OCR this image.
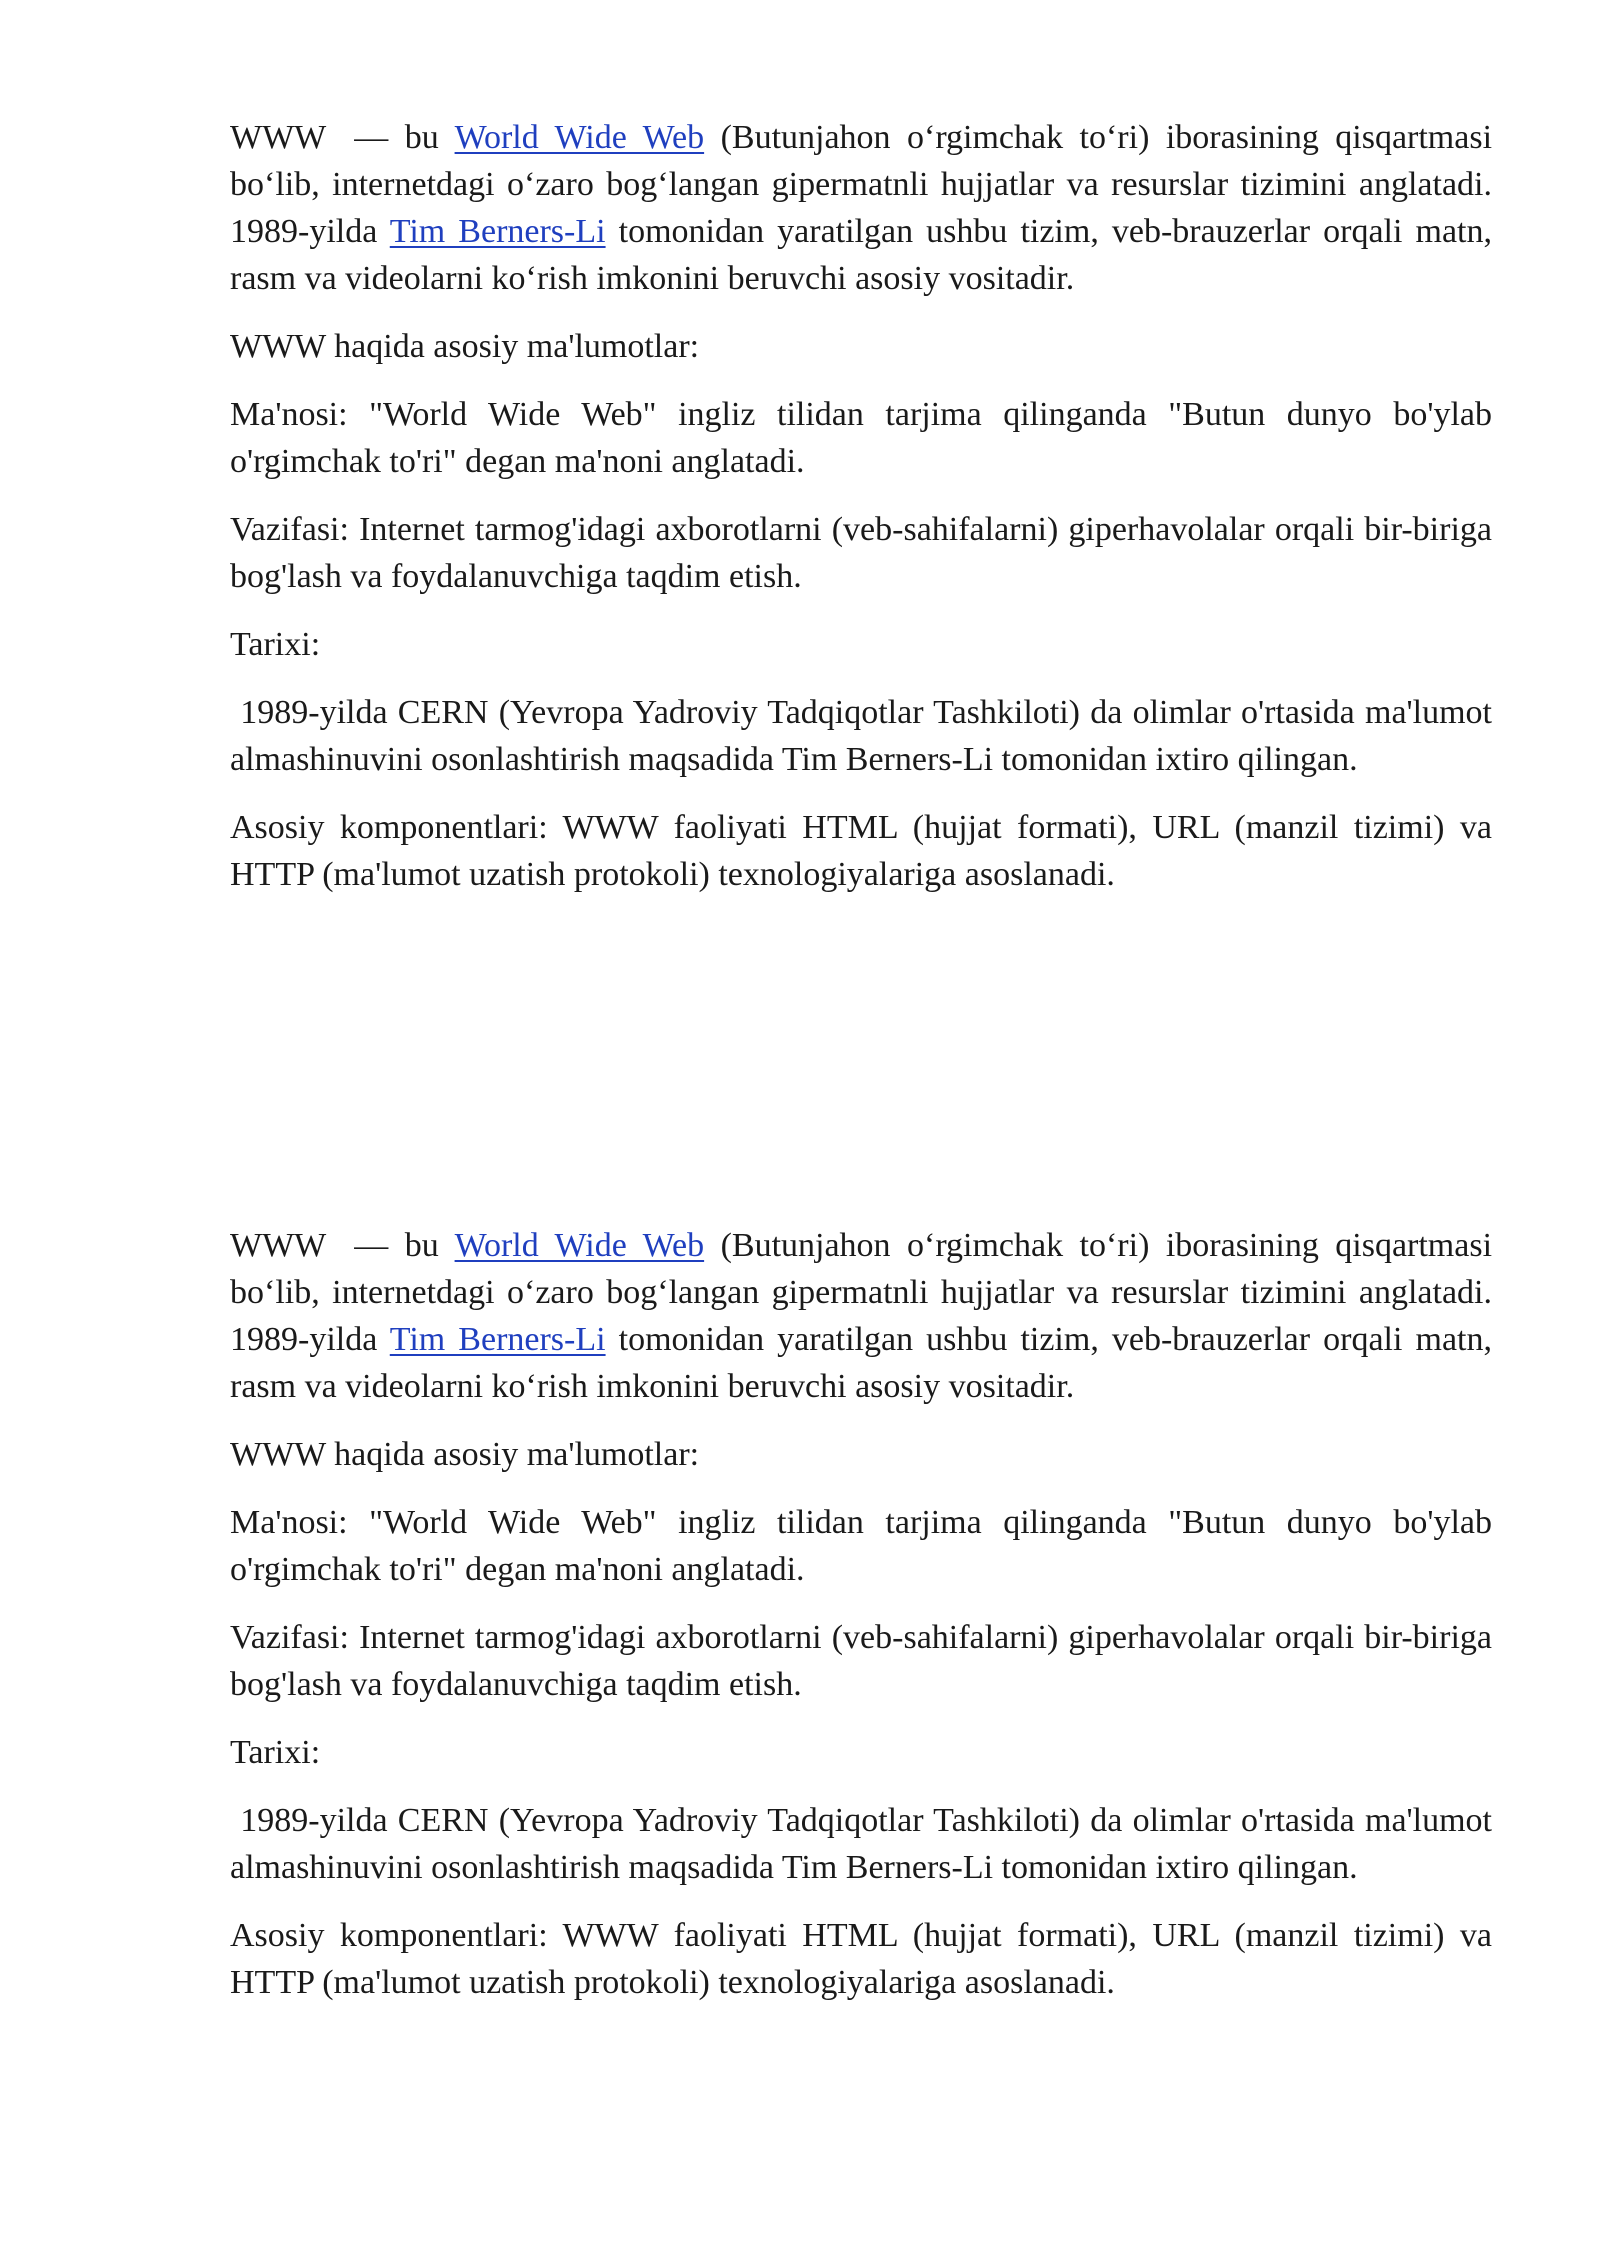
WWW — bu World Wide Web (Butunjahon o‘rgimchak to‘ri) iborasining qisqartmasi bo‘lib, internetdagi o‘zaro bog‘langan gipermatnli hujjatlar va resurslar tizimini anglatadi. 1989-yilda Tim Berners-Li tomonidan yaratilgan ushbu tizim, veb-brauzerlar orqali matn, rasm va videolarni ko‘rish imkonini beruvchi asosiy vositadir.

WWW haqida asosiy ma'lumotlar:

Ma'nosi: "World Wide Web" ingliz tilidan tarjima qilinganda "Butun dunyo bo'ylab o'rgimchak to'ri" degan ma'noni anglatadi.

Vazifasi: Internet tarmog'idagi axborotlarni (veb-sahifalarni) giperhavolalar orqali bir-biriga bog'lash va foydalanuvchiga taqdim etish.

Tarixi:

1989-yilda CERN (Yevropa Yadroviy Tadqiqotlar Tashkiloti) da olimlar o'rtasida ma'lumot almashinuvini osonlashtirish maqsadida Tim Berners-Li tomonidan ixtiro qilingan.

Asosiy komponentlari: WWW faoliyati HTML (hujjat formati), URL (manzil tizimi) va HTTP (ma'lumot uzatish protokoli) texnologiyalariga asoslanadi.

WWW — bu World Wide Web (Butunjahon o‘rgimchak to‘ri) iborasining qisqartmasi bo‘lib, internetdagi o‘zaro bog‘langan gipermatnli hujjatlar va resurslar tizimini anglatadi. 1989-yilda Tim Berners-Li tomonidan yaratilgan ushbu tizim, veb-brauzerlar orqali matn, rasm va videolarni ko‘rish imkonini beruvchi asosiy vositadir.

WWW haqida asosiy ma'lumotlar:

Ma'nosi: "World Wide Web" ingliz tilidan tarjima qilinganda "Butun dunyo bo'ylab o'rgimchak to'ri" degan ma'noni anglatadi.

Vazifasi: Internet tarmog'idagi axborotlarni (veb-sahifalarni) giperhavolalar orqali bir-biriga bog'lash va foydalanuvchiga taqdim etish.

Tarixi:

1989-yilda CERN (Yevropa Yadroviy Tadqiqotlar Tashkiloti) da olimlar o'rtasida ma'lumot almashinuvini osonlashtirish maqsadida Tim Berners-Li tomonidan ixtiro qilingan.

Asosiy komponentlari: WWW faoliyati HTML (hujjat formati), URL (manzil tizimi) va HTTP (ma'lumot uzatish protokoli) texnologiyalariga asoslanadi.
